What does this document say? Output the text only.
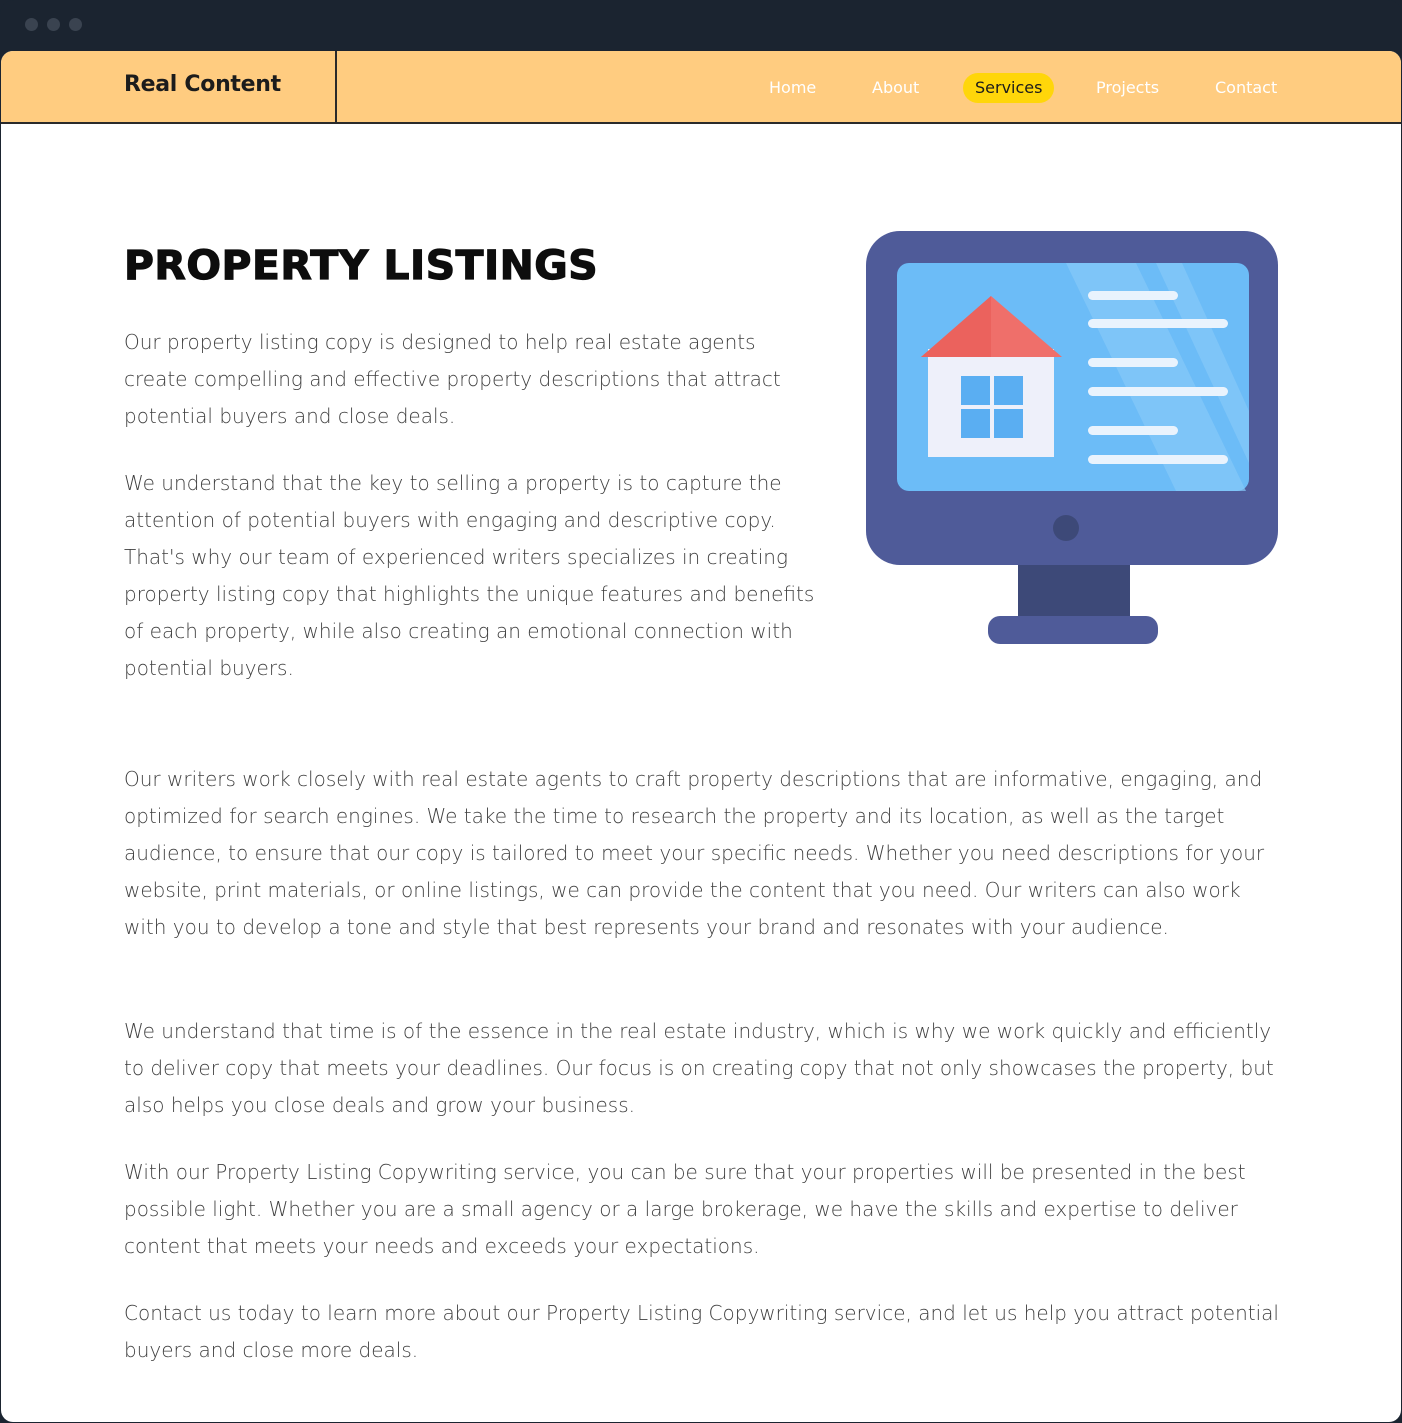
Real Content	Home	About	Services	Projects	Contact
PROPERTY LISTINGS

Our property listing copy is designed to help real estate agents create compelling and effective property descriptions that attract potential buyers and close deals.

We understand that the key to selling a property is to capture the attention of potential buyers with engaging and descriptive copy. That's why our team of experienced writers specializes in creating property listing copy that highlights the unique features and benefits of each property, while also creating an emotional connection with potential buyers.

Our writers work closely with real estate agents to craft property descriptions that are informative, engaging, and optimized for search engines. We take the time to research the property and its location, as well as the target audience, to ensure that our copy is tailored to meet your specific needs. Whether you need descriptions for your website, print materials, or online listings, we can provide the content that you need. Our writers can also work with you to develop a tone and style that best represents your brand and resonates with your audience.

We understand that time is of the essence in the real estate industry, which is why we work quickly and efficiently to deliver copy that meets your deadlines. Our focus is on creating copy that not only showcases the property, but also helps you close deals and grow your business.

With our Property Listing Copywriting service, you can be sure that your properties will be presented in the best possible light. Whether you are a small agency or a large brokerage, we have the skills and expertise to deliver content that meets your needs and exceeds your expectations.

Contact us today to learn more about our Property Listing Copywriting service, and let us help you attract potential buyers and close more deals.
